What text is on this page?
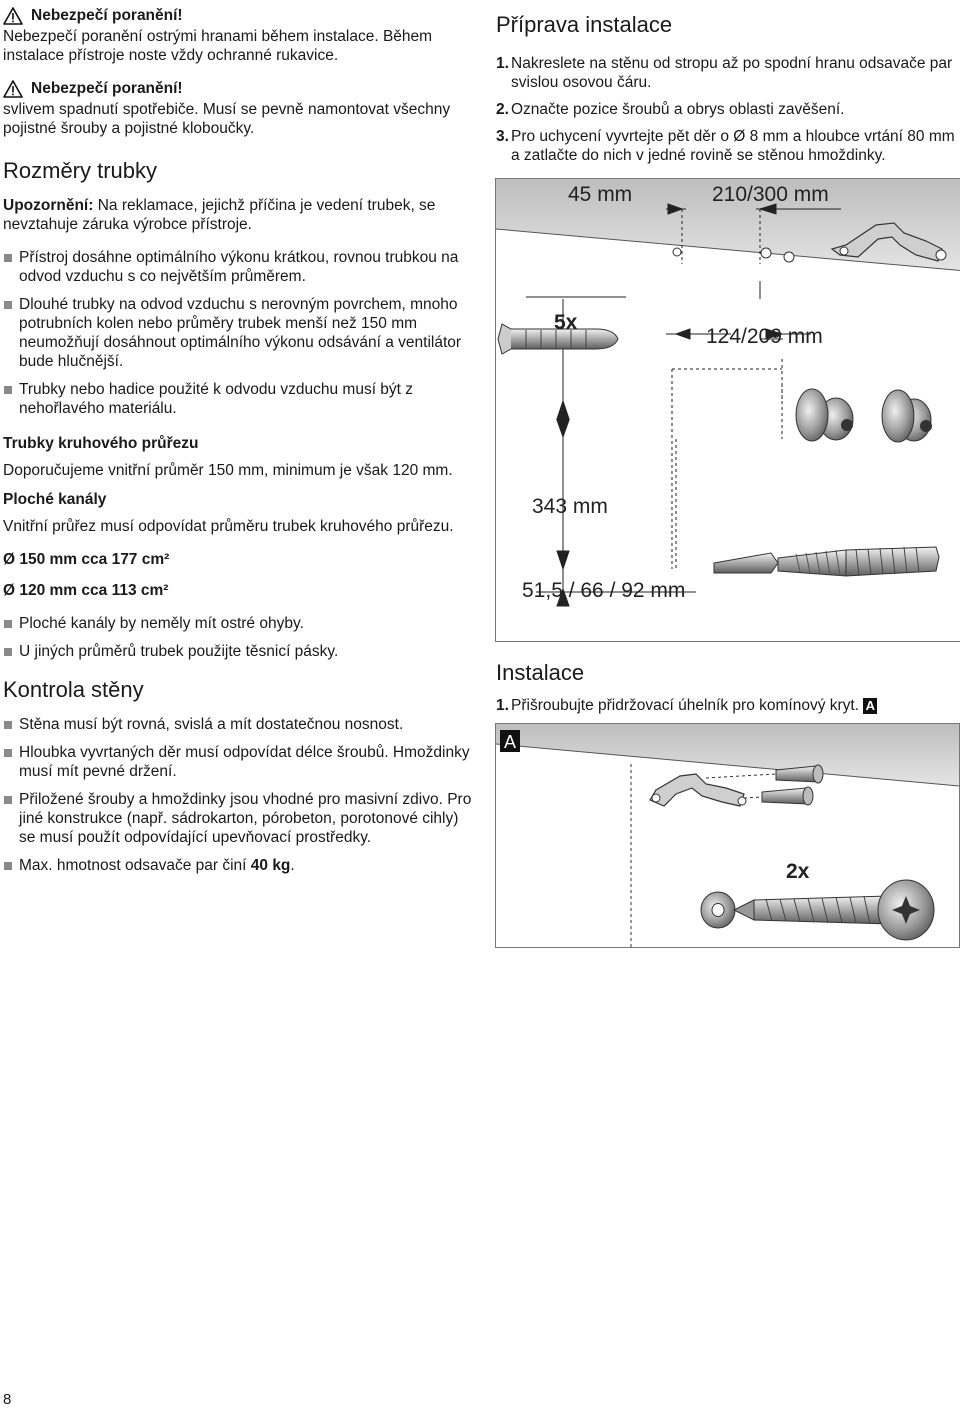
Nebezpečí poranění!

Nebezpečí poranění ostrými hranami během instalace. Během instalace přístroje noste vždy ochranné rukavice.

Nebezpečí poranění!

svlivem spadnutí spotřebiče. Musí se pevně namontovat všechny pojistné šrouby a pojistné kloboučky.

Rozměry trubky

Upozornění: Na reklamace, jejichž příčina je vedení trubek, se nevztahuje záruka výrobce přístroje.

Přístroj dosáhne optimálního výkonu krátkou, rovnou trubkou na odvod vzduchu s co největším průměrem.
Dlouhé trubky na odvod vzduchu s nerovným povrchem, mnoho potrubních kolen nebo průměry trubek menší než 150 mm neumožňují dosáhnout optimálního výkonu odsávání a ventilátor bude hlučnější.
Trubky nebo hadice použité k odvodu vzduchu musí být z nehořlavého materiálu.
Trubky kruhového průřezu

Doporučujeme vnitřní průměr 150 mm, minimum je však 120 mm.

Ploché kanály

Vnitřní průřez musí odpovídat průměru trubek kruhového průřezu.

Ø 150 mm cca 177 cm²

Ø 120 mm cca 113 cm²

Ploché kanály by neměly mít ostré ohyby.
U jiných průměrů trubek použijte těsnicí pásky.
Kontrola stěny
Stěna musí být rovná, svislá a mít dostatečnou nosnost.
Hloubka vyvrtaných děr musí odpovídat délce šroubů. Hmoždinky musí mít pevné držení.
Přiložené šrouby a hmoždinky jsou vhodné pro masivní zdivo. Pro jiné konstrukce (např. sádrokarton, pórobeton, porotonové cihly) se musí použít odpovídající upevňovací prostředky.
Max. hmotnost odsavače par činí 40 kg.
Příprava instalace
1. Nakreslete na stěnu od stropu až po spodní hranu odsavače par svislou osovou čáru.
2. Označte pozice šroubů a obrys oblasti zavěšení.
3. Pro uchycení vyvrtejte pět děr o Ø 8 mm a hloubce vrtání 80 mm a zatlačte do nich v jedné rovině se stěnou hmoždinky.
45 mm	210/300 mm
5x
124/209 mm
343 mm
51,5 / 66 / 92 mm
Instalace
1. Přišroubujte přidržovací úhelník pro komínový kryt. A
A
2x
8
